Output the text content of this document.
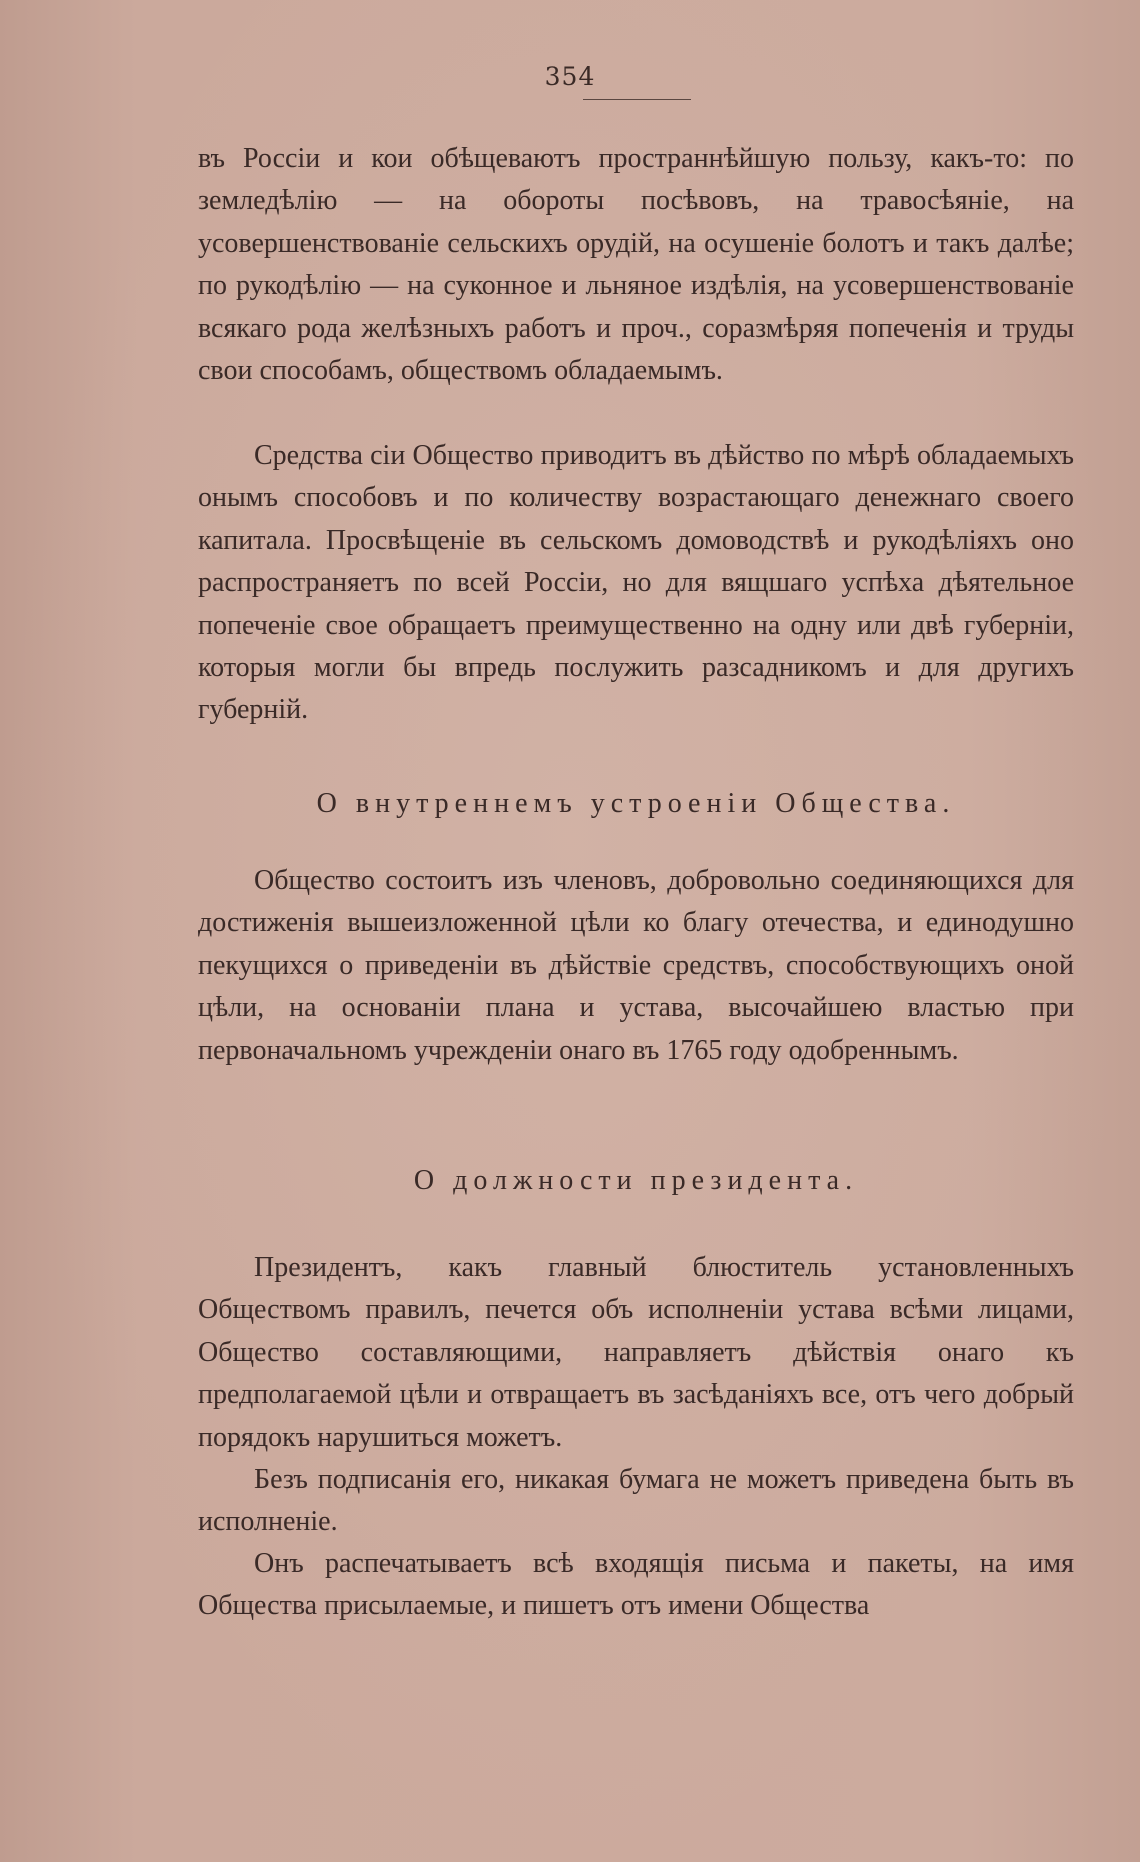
354

въ Россіи и кои обѣщеваютъ пространнѣйшую пользу, какъ-то: по земледѣлію — на обороты посѣвовъ, на травосѣяніе, на усовершенствованіе сельскихъ орудій, на осушеніе болотъ и такъ далѣе; по рукодѣлію — на суконное и льняное издѣлія, на усовершенствованіе всякаго рода желѣзныхъ работъ и проч., соразмѣряя попеченія и труды свои способамъ, обществомъ обладаемымъ.

Средства сіи Общество приводитъ въ дѣйство по мѣрѣ обладаемыхъ онымъ способовъ и по количеству возрастающаго денежнаго своего капитала. Просвѣщеніе въ сельскомъ домоводствѣ и рукодѣліяхъ оно распространяетъ по всей Россіи, но для вящшаго успѣха дѣятельное попеченіе свое обращаетъ преимущественно на одну или двѣ губерніи, которыя могли бы впредь послужить разсадникомъ и для другихъ губерній.

О внутреннемъ устроеніи Общества.

Общество состоитъ изъ членовъ, добровольно соединяющихся для достиженія вышеизложенной цѣли ко благу отечества, и единодушно пекущихся о приведеніи въ дѣйствіе средствъ, способствующихъ оной цѣли, на основаніи плана и устава, высочайшею властью при первоначальномъ учрежденіи онаго въ 1765 году одобреннымъ.

О должности президента.

Президентъ, какъ главный блюститель установленныхъ Обществомъ правилъ, печется объ исполненіи устава всѣми лицами, Общество составляющими, направляетъ дѣйствія онаго къ предполагаемой цѣли и отвращаетъ въ засѣданіяхъ все, отъ чего добрый порядокъ нарушиться можетъ.

Безъ подписанія его, никакая бумага не можетъ приведена быть въ исполненіе.

Онъ распечатываетъ всѣ входящія письма и пакеты, на имя Общества присылаемые, и пишетъ отъ имени Общества
